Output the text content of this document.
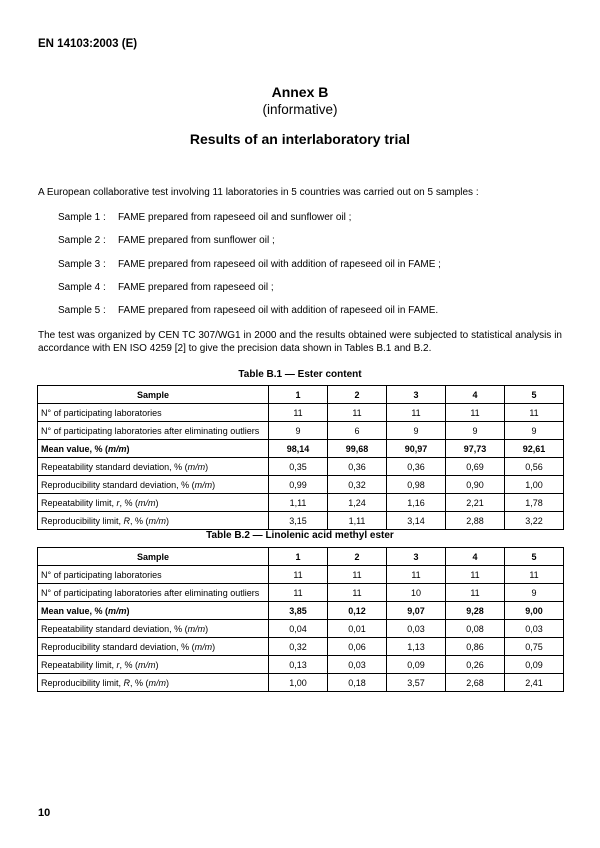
EN 14103:2003 (E)
Annex B
(informative)
Results of an interlaboratory trial
A European collaborative test involving 11 laboratories in 5 countries was carried out on 5 samples :
Sample 1 : FAME prepared from rapeseed oil and sunflower oil ;
Sample 2 : FAME prepared from sunflower oil ;
Sample 3 : FAME prepared from rapeseed oil with addition of rapeseed oil in FAME ;
Sample 4 : FAME prepared from rapeseed oil ;
Sample 5 : FAME prepared from rapeseed oil with addition of rapeseed oil in FAME.
The test was organized by CEN TC 307/WG1 in 2000 and the results obtained were subjected to statistical analysis in accordance with EN ISO 4259 [2] to give the precision data shown in Tables B.1 and B.2.
Table B.1 — Ester content
Sample	1	2	3	4	5
N° of participating laboratories	11	11	11	11	11
N° of participating laboratories after eliminating outliers	9	6	9	9	9
Mean value, % (m/m)	98,14	99,68	90,97	97,73	92,61
Repeatability standard deviation, % (m/m)	0,35	0,36	0,36	0,69	0,56
Reproducibility standard deviation, % (m/m)	0,99	0,32	0,98	0,90	1,00
Repeatability limit, r, % (m/m)	1,11	1,24	1,16	2,21	1,78
Reproducibility limit, R, % (m/m)	3,15	1,11	3,14	2,88	3,22
Table B.2 — Linolenic acid methyl ester
Sample	1	2	3	4	5
N° of participating laboratories	11	11	11	11	11
N° of participating laboratories after eliminating outliers	11	11	10	11	9
Mean value, % (m/m)	3,85	0,12	9,07	9,28	9,00
Repeatability standard deviation, % (m/m)	0,04	0,01	0,03	0,08	0,03
Reproducibility standard deviation, % (m/m)	0,32	0,06	1,13	0,86	0,75
Repeatability limit, r, % (m/m)	0,13	0,03	0,09	0,26	0,09
Reproducibility limit, R, % (m/m)	1,00	0,18	3,57	2,68	2,41
10
